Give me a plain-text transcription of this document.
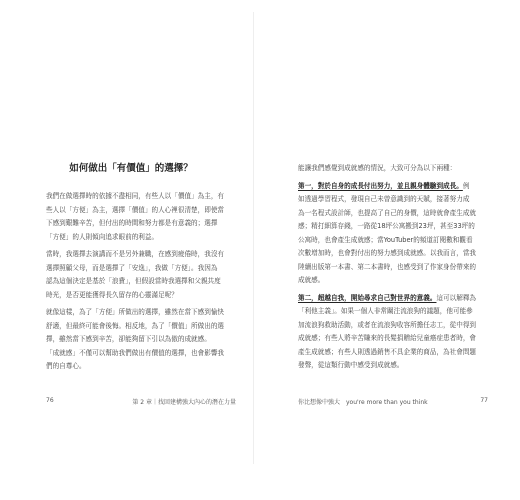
如何做出「有價值」的選擇？
我們在做選擇時的依據不盡相同，有些人以「價值」為主，有
些人以「方便」為主，選擇「價值」的人心裡很清楚，即使當
下感到艱難辛苦，但付出的時間和努力都是有意義的；選擇
「方便」的人則傾向追求眼前的利益。
當時，我選擇去演講而不是另外兼職，在感到疲倦時，我沒有
選擇照顧父母，而是選擇了「安逸」，我做「方便」。我因為
認為這個決定是基於「浪費」，但假設當時我選擇和父親共度
時光，是否更能獲得長久留存的心靈滿足呢？
就像這樣，為了「方便」所做出的選擇，雖然在當下感到愉快
舒適，但最終可能會後悔。相反地，為了「價值」所做出的選
擇，雖然當下感到辛苦，卻能夠留下引以為傲的成就感。
「成就感」不僅可以幫助我們做出有價值的選擇，也會影響我
們的自尊心。
76	第 2 章｜找回建構強大內心的潛在力量
能讓我們感覺到成就感的情況，大致可分為以下兩種：
第一，對於自身的成長付出努力，並且親身體驗到成長。例
如透過學習程式，發現自己未曾意識到的天賦，接著努力成
為一名程式設計師，也提高了自己的身價，這時就會產生成就
感；精打細算存錢，一路從18坪公寓搬到23坪，甚至33坪的
公寓時，也會產生成就感；當YouTuber的頻道訂閱數和觀看
次數增加時，也會對付出的努力感到成就感。以我而言，當我
陸續出版第一本書、第二本書時，也感受到了作家身份帶來的
成就感。
第二，超越自我，開始尋求自己對世界的意義。這可以解釋為
「利他主義」。如果一個人非常關注流浪狗的議題，他可能參
加流浪狗救助活動，或者在流浪狗收容所擔任志工，從中得到
成就感；有些人將辛苦賺來的長髮捐贈給兒童癌症患者時，會
產生成就感；有些人則透過銷售不具企業的商品，為社會問題
發聲，從這類行動中感受到成就感。
你比想像中強大　you're more than you think	77
